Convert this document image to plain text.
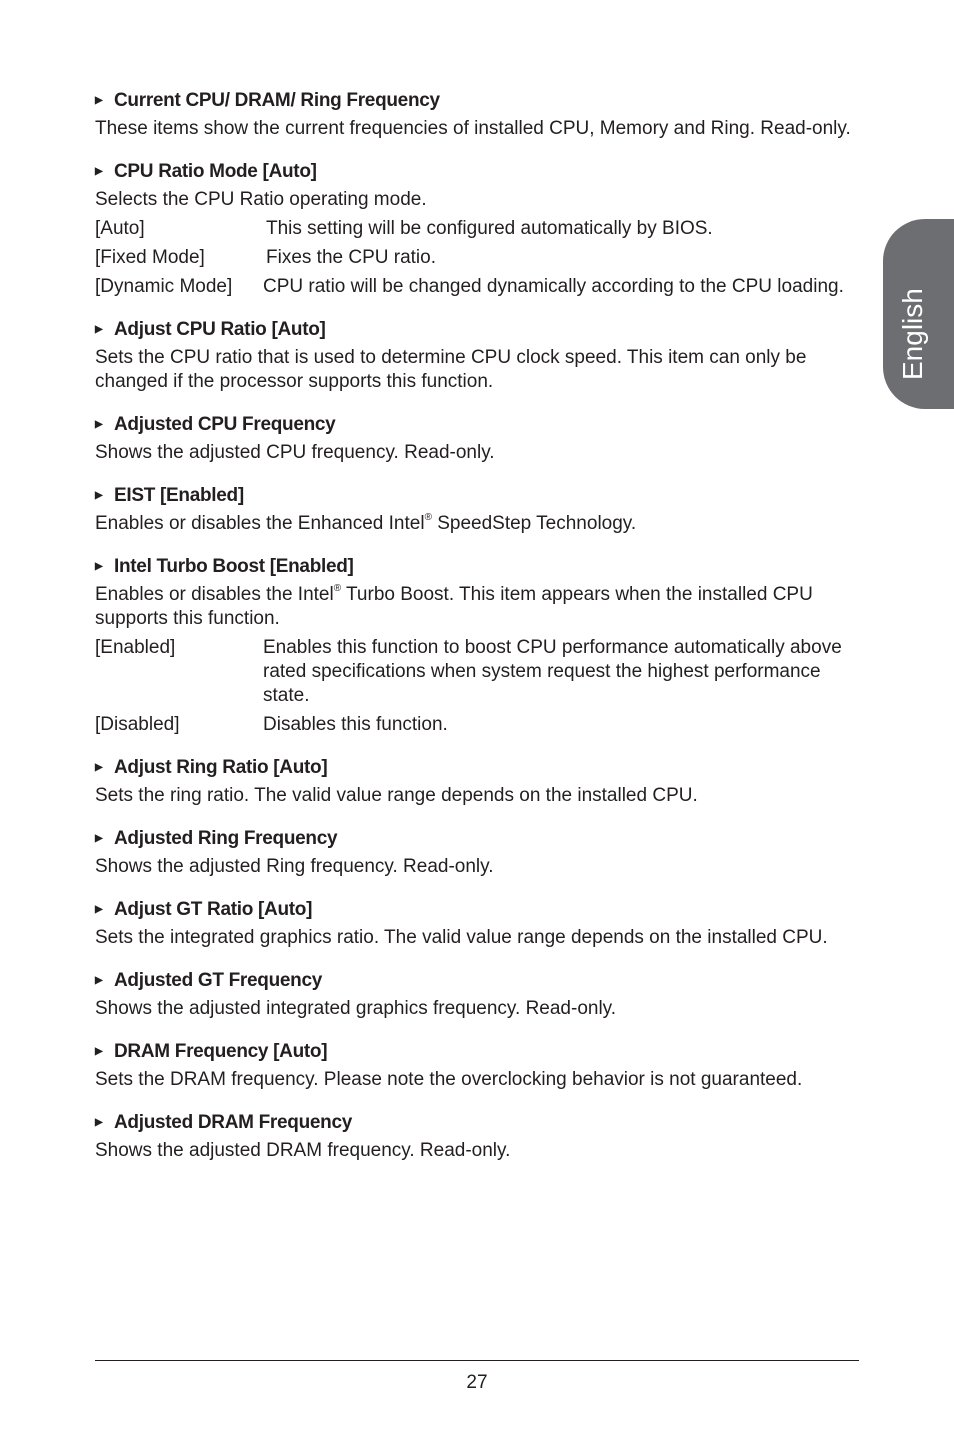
English
▶ Current CPU/ DRAM/ Ring Frequency
These items show the current frequencies of installed CPU, Memory and Ring. Read-only.
▶ CPU Ratio Mode [Auto]
Selects the CPU Ratio operating mode.
[Auto]	This setting will be configured automatically by BIOS.
[Fixed Mode]	Fixes the CPU ratio.
[Dynamic Mode]	CPU ratio will be changed dynamically according to the CPU loading.
▶ Adjust CPU Ratio [Auto]
Sets the CPU ratio that is used to determine CPU clock speed. This item can only be changed if the processor supports this function.
▶ Adjusted CPU Frequency
Shows the adjusted CPU frequency. Read-only.
▶ EIST [Enabled]
Enables or disables the Enhanced Intel® SpeedStep Technology.
▶ Intel Turbo Boost [Enabled]
Enables or disables the Intel® Turbo Boost. This item appears when the installed CPU supports this function.
[Enabled]	Enables this function to boost CPU performance automatically above rated specifications when system request the highest performance state.
[Disabled]	Disables this function.
▶ Adjust Ring Ratio [Auto]
Sets the ring ratio. The valid value range depends on the installed CPU.
▶ Adjusted Ring Frequency
Shows the adjusted Ring frequency. Read-only.
▶ Adjust GT Ratio [Auto]
Sets the integrated graphics ratio. The valid value range depends on the installed CPU.
▶ Adjusted GT Frequency
Shows the adjusted integrated graphics frequency. Read-only.
▶ DRAM Frequency [Auto]
Sets the DRAM frequency. Please note the overclocking behavior is not guaranteed.
▶ Adjusted DRAM Frequency
Shows the adjusted DRAM frequency. Read-only.
27
